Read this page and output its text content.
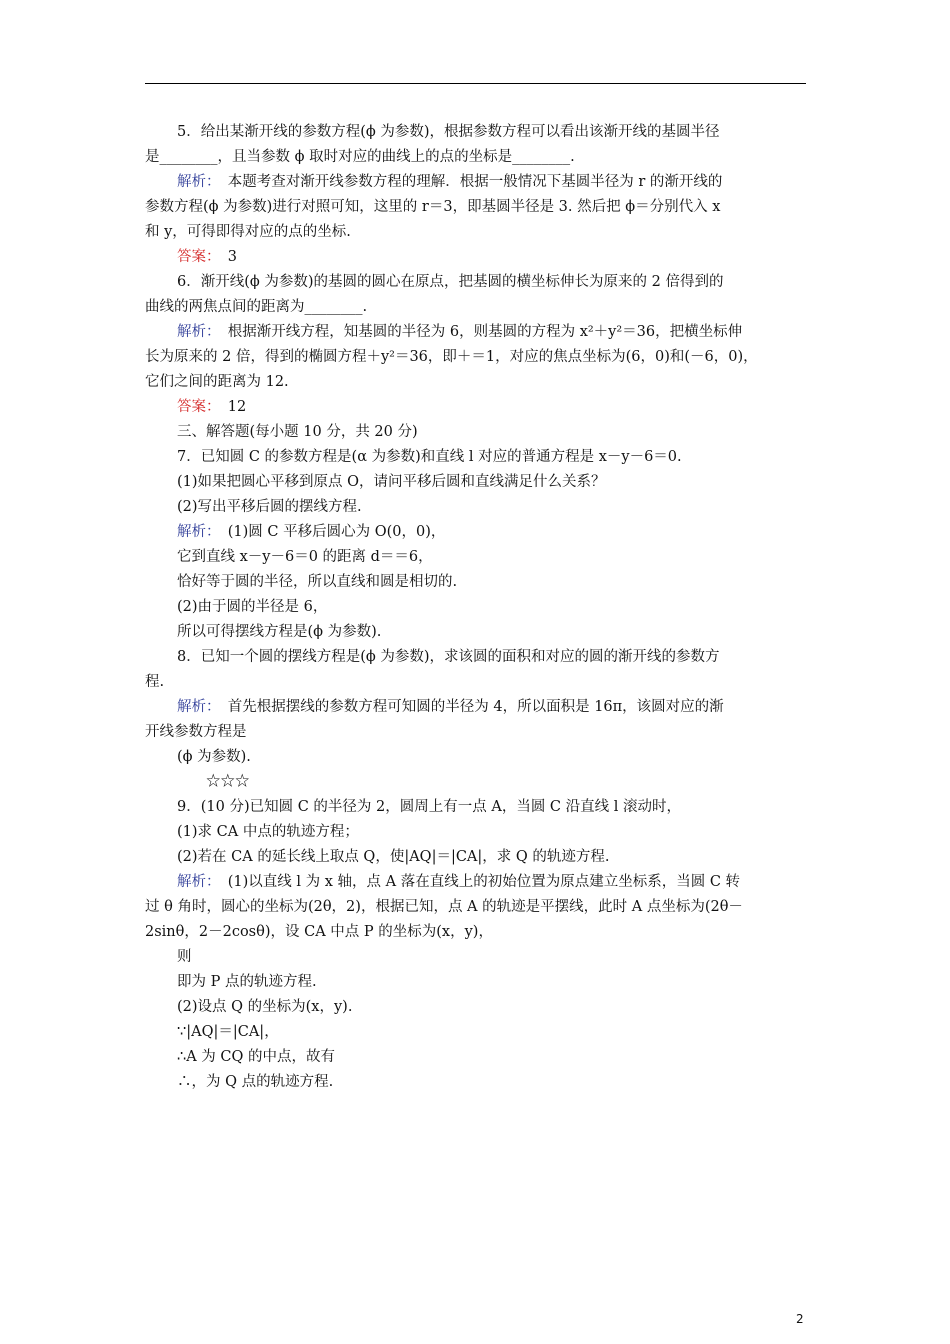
5．给出某渐开线的参数方程(ϕ 为参数)，根据参数方程可以看出该渐开线的基圆半径
是________，且当参数 ϕ 取时对应的曲线上的点的坐标是________.
解析：　本题考查对渐开线参数方程的理解．根据一般情况下基圆半径为 r 的渐开线的
参数方程(ϕ 为参数)进行对照可知，这里的 r＝3，即基圆半径是 3. 然后把 ϕ＝分别代入 x
和 y，可得即得对应的点的坐标.
答案：　3
6．渐开线(ϕ 为参数)的基圆的圆心在原点，把基圆的横坐标伸长为原来的 2 倍得到的
曲线的两焦点间的距离为________.
解析：　根据渐开线方程，知基圆的半径为 6，则基圆的方程为 x²＋y²＝36，把横坐标伸
长为原来的 2 倍，得到的椭圆方程＋y²＝36，即＋＝1，对应的焦点坐标为(6，0)和(－6，0)，
它们之间的距离为 12.
答案：　12
三、解答题(每小题 10 分，共 20 分)
7．已知圆 C 的参数方程是(α 为参数)和直线 l 对应的普通方程是 x－y－6＝0.
(1)如果把圆心平移到原点 O，请问平移后圆和直线满足什么关系？
(2)写出平移后圆的摆线方程.
解析：　(1)圆 C 平移后圆心为 O(0，0)，
它到直线 x－y－6＝0 的距离 d＝＝6，
恰好等于圆的半径，所以直线和圆是相切的.
(2)由于圆的半径是 6，
所以可得摆线方程是(ϕ 为参数).
8．已知一个圆的摆线方程是(ϕ 为参数)，求该圆的面积和对应的圆的渐开线的参数方
程.
解析：　首先根据摆线的参数方程可知圆的半径为 4，所以面积是 16π，该圆对应的渐
开线参数方程是
(ϕ 为参数).
　　☆☆☆
9．(10 分)已知圆 C 的半径为 2，圆周上有一点 A，当圆 C 沿直线 l 滚动时，
(1)求 CA 中点的轨迹方程；
(2)若在 CA 的延长线上取点 Q，使|AQ|＝|CA|，求 Q 的轨迹方程.
解析：　(1)以直线 l 为 x 轴，点 A 落在直线上的初始位置为原点建立坐标系，当圆 C 转
过 θ 角时，圆心的坐标为(2θ，2)，根据已知，点 A 的轨迹是平摆线，此时 A 点坐标为(2θ－
2sinθ，2－2cosθ)，设 CA 中点 P 的坐标为(x，y)，
则
即为 P 点的轨迹方程.
(2)设点 Q 的坐标为(x，y).
∵|AQ|＝|CA|，
∴A 为 CQ 的中点，故有
∴，为 Q 点的轨迹方程.
2
